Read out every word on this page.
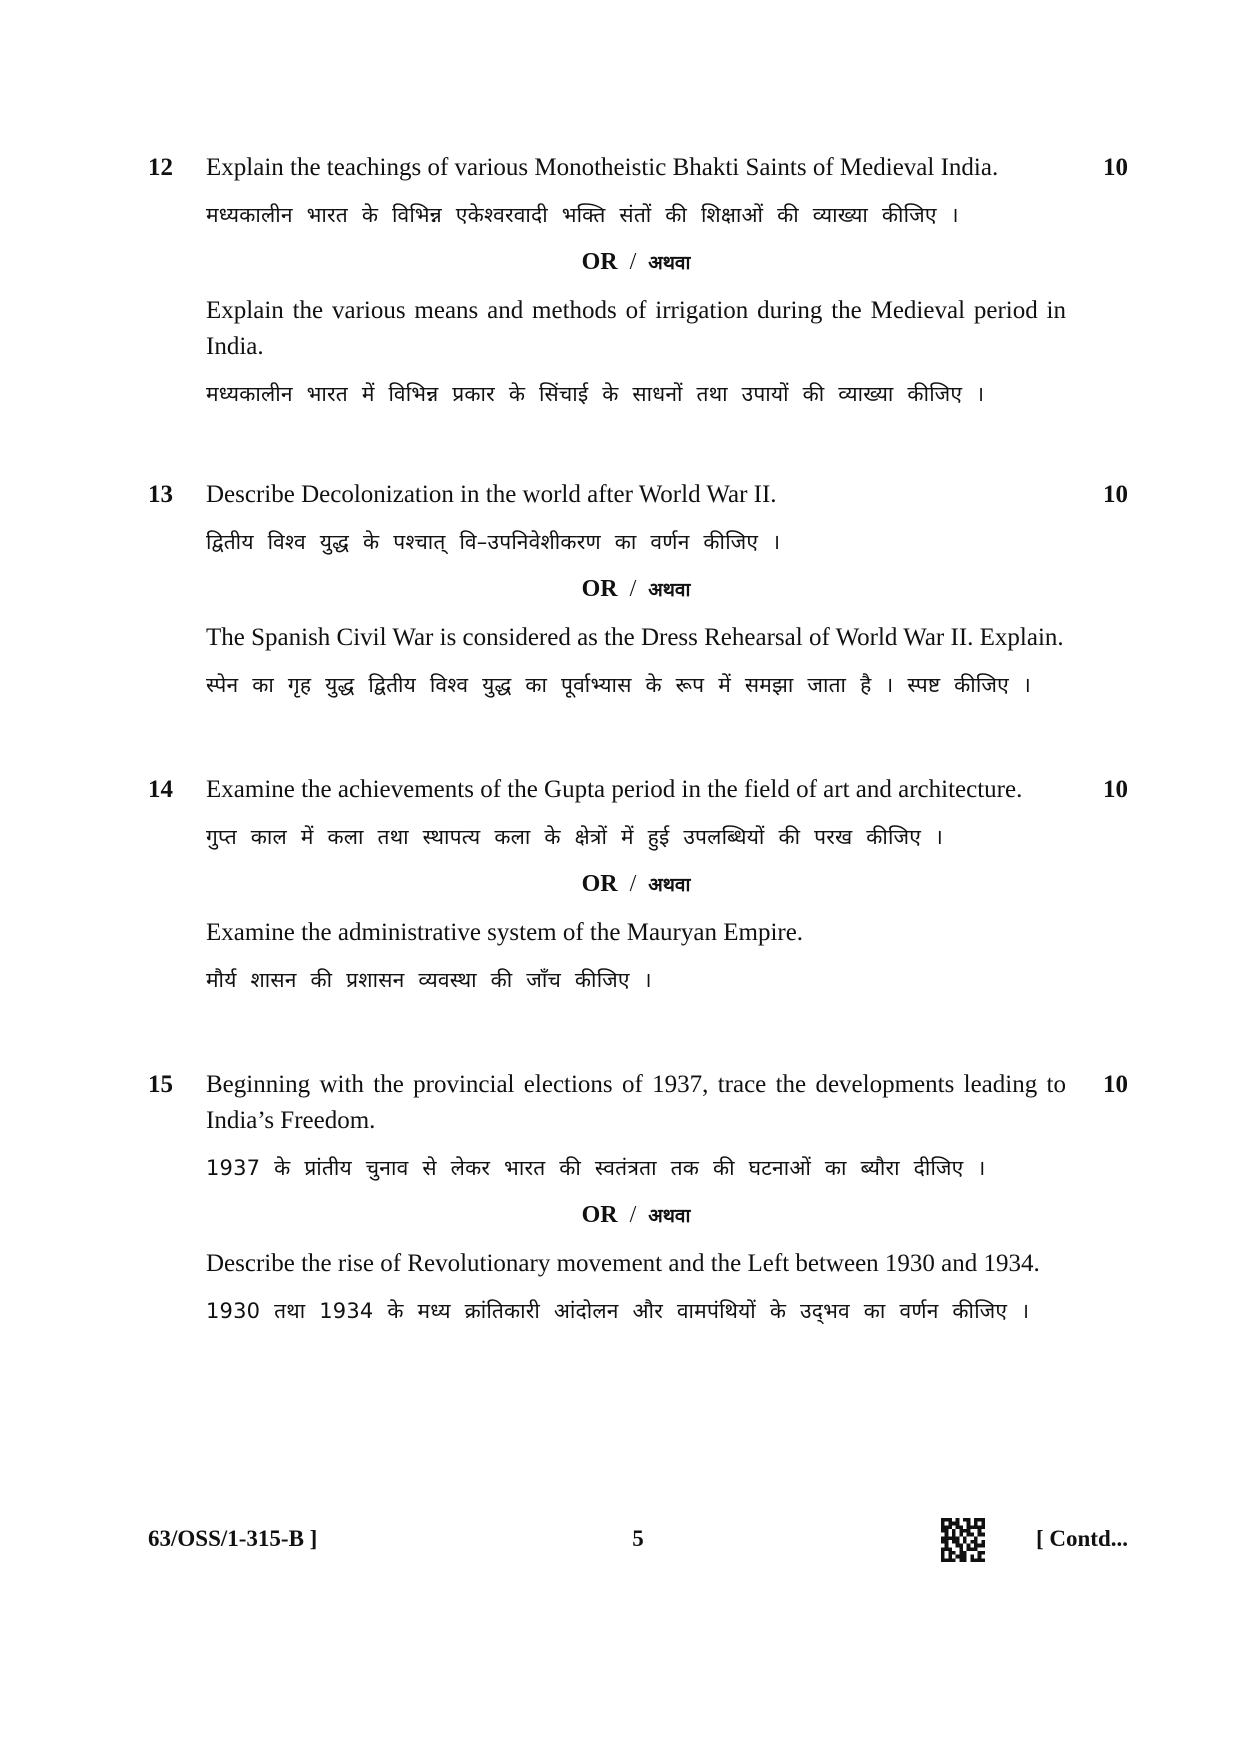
12	10

Explain the teachings of various Monotheistic Bhakti Saints of Medieval India.

मध्यकालीन भारत के विभिन्न एकेश्वरवादी भक्ति संतों की शिक्षाओं की व्याख्या कीजिए ।

OR / अथवा

Explain the various means and methods of irrigation during the Medieval period in India.

मध्यकालीन भारत में विभिन्न प्रकार के सिंचाई के साधनों तथा उपायों की व्याख्या कीजिए ।

13	10

Describe Decolonization in the world after World War II.

द्वितीय विश्व युद्ध के पश्चात् वि–उपनिवेशीकरण का वर्णन कीजिए ।

OR / अथवा

The Spanish Civil War is considered as the Dress Rehearsal of World War II. Explain.

स्पेन का गृह युद्ध द्वितीय विश्व युद्ध का पूर्वाभ्यास के रूप में समझा जाता है । स्पष्ट कीजिए ।

14	10

Examine the achievements of the Gupta period in the field of art and architecture.

गुप्त काल में कला तथा स्थापत्य कला के क्षेत्रों में हुई उपलब्धियों की परख कीजिए ।

OR / अथवा

Examine the administrative system of the Mauryan Empire.

मौर्य शासन की प्रशासन व्यवस्था की जाँच कीजिए ।

15	10

Beginning with the provincial elections of 1937, trace the developments leading to India’s Freedom.

1937 के प्रांतीय चुनाव से लेकर भारत की स्वतंत्रता तक की घटनाओं का ब्यौरा दीजिए ।

OR / अथवा

Describe the rise of Revolutionary movement and the Left between 1930 and 1934.

1930 तथा 1934 के मध्य क्रांतिकारी आंदोलन और वामपंथियों के उद्‌भव का वर्णन कीजिए ।

63/OSS/1-315-B ]	5	[ Contd...
